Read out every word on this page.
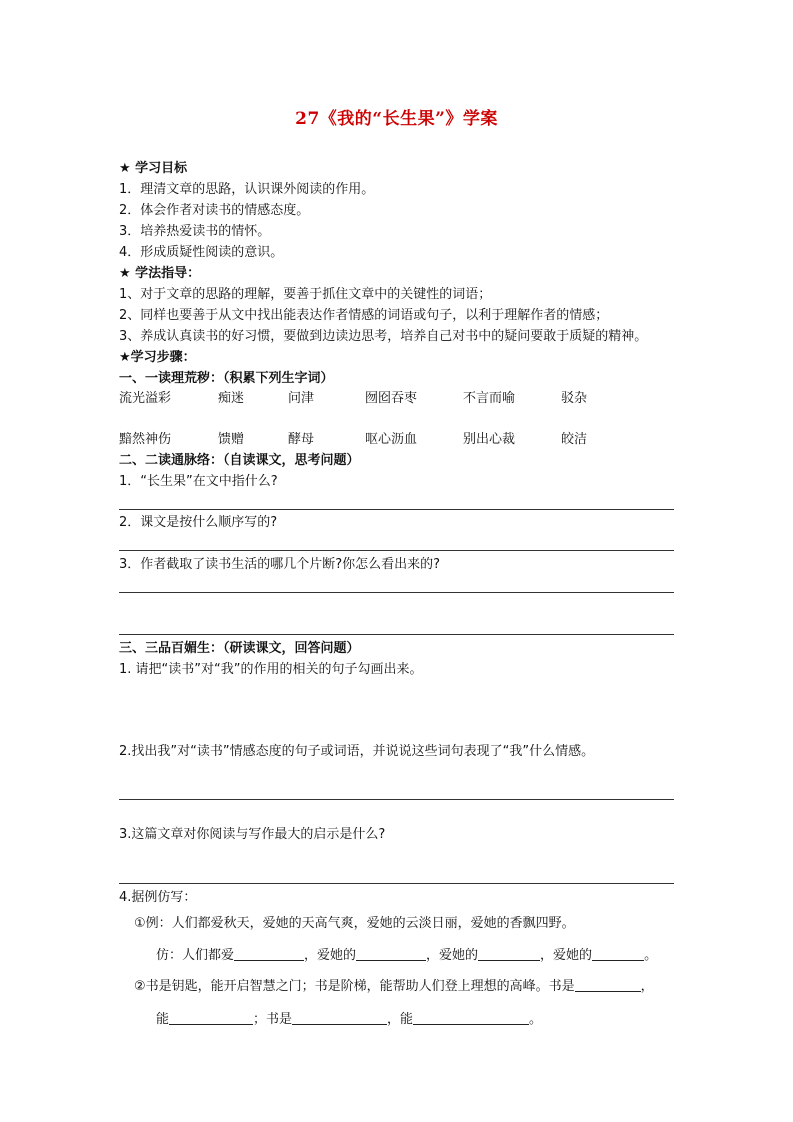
27《我的“长生果”》学案
★ 学习目标
1．理清文章的思路，认识课外阅读的作用。
2．体会作者对读书的情感态度。
3．培养热爱读书的情怀。
4．形成质疑性阅读的意识。
★ 学法指导：
1、对于文章的思路的理解，要善于抓住文章中的关键性的词语；
2、同样也要善于从文中找出能表达作者情感的词语或句子，以利于理解作者的情感；
3、养成认真读书的好习惯，要做到边读边思考，培养自己对书中的疑问要敢于质疑的精神。
★学习步骤：
一、一读理荒秽：（积累下列生字词）
流光溢彩	痴迷	问津	囫囵吞枣	不言而喻	驳杂
黯然神伤	馈赠	酵母	呕心沥血	别出心裁	皎洁
二、二读通脉络：（自读课文，思考问题）
1．“长生果”在文中指什么?
2．课文是按什么顺序写的?
3．作者截取了读书生活的哪几个片断?你怎么看出来的?
三、三品百媚生：（研读课文，回答问题）
1. 请把“读书”对“我”的作用的相关的句子勾画出来。
2.找出我”对“读书”情感态度的句子或词语，并说说这些词句表现了“我”什么情感。
3.这篇文章对你阅读与写作最大的启示是什么?
4.据例仿写：
①例：人们都爱秋天，爱她的天高气爽，爱她的云淡日丽，爱她的香飘四野。
仿：人们都爱	，爱她的	，爱她的	，爱她的	。
②书是钥匙，能开启智慧之门；书是阶梯，能帮助人们登上理想的高峰。书是	，
能	；书是	，能	。
